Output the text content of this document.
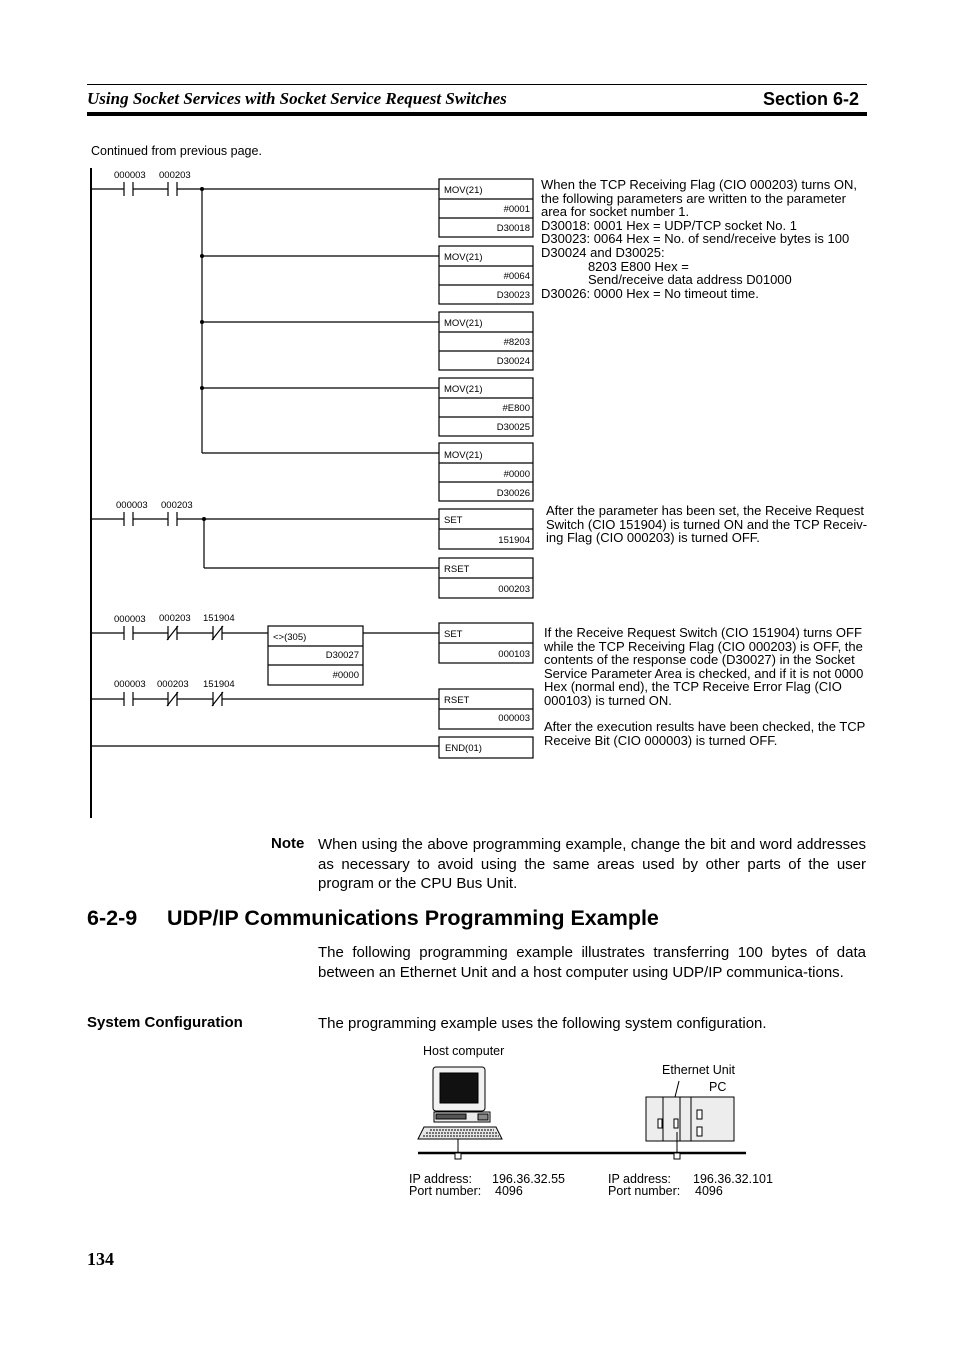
Using Socket Services with Socket Service Request Switches	Section 6-2
Continued from previous page.
000003 000203
000003 000203
000003 000203 151904
000003 000203 151904
MOV(21)
#0001
D30018
MOV(21)
#0064
D30023
MOV(21)
#8203
D30024
MOV(21)
#E800
D30025
MOV(21)
#0000
D30026
SET
151904
RSET
000203
<>(305)
D30027
#0000
SET
000103
RSET
000003
END(01)
When the TCP Receiving Flag (CIO 000203) turns ON,
the following parameters are written to the parameter
area for socket number 1.
D30018: 0001 Hex = UDP/TCP socket No. 1
D30023: 0064 Hex = No. of send/receive bytes is 100
D30024 and D30025:
8203 E800 Hex =
Send/receive data address D01000
D30026: 0000 Hex = No timeout time.
After the parameter has been set, the Receive Request
Switch (CIO 151904) is turned ON and the TCP Receiv-
ing Flag (CIO 000203) is turned OFF.
If the Receive Request Switch (CIO 151904) turns OFF
while the TCP Receiving Flag (CIO 000203) is OFF, the
contents of the response code (D30027) in the Socket
Service Parameter Area is checked, and if it is not 0000
Hex (normal end), the TCP Receive Error Flag (CIO
000103) is turned ON.
After the execution results have been checked, the TCP
Receive Bit (CIO 000003) is turned OFF.
Note When using the above programming example, change the bit and word addresses as necessary to avoid using the same areas used by other parts of the user program or the CPU Bus Unit.
6-2-9     UDP/IP Communications Programming Example
The following programming example illustrates transferring 100 bytes of data between an Ethernet Unit and a host computer using UDP/IP communica-tions.
System Configuration	The programming example uses the following system configuration.
Host computer
Ethernet Unit
PC
IP address: 196.36.32.55
Port number: 4096
IP address: 196.36.32.101
Port number: 4096
134
